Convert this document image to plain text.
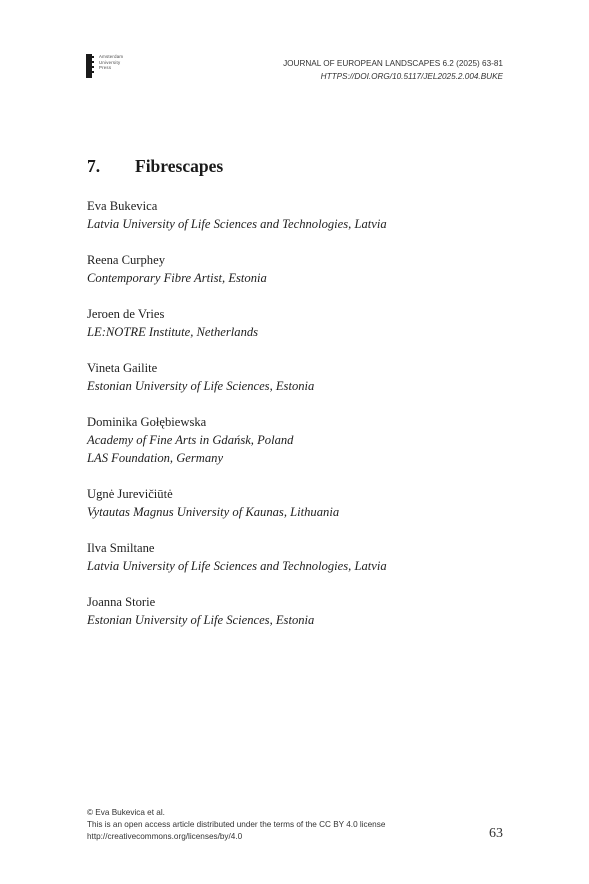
Amsterdam
University
Press	JOURNAL OF EUROPEAN LANDSCAPES 6.2 (2025) 63-81
HTTPS://DOI.ORG/10.5117/JEL2025.2.004.BUKE
7.	Fibrescapes
Eva Bukevica
Latvia University of Life Sciences and Technologies, Latvia
Reena Curphey
Contemporary Fibre Artist, Estonia
Jeroen de Vries
LE:NOTRE Institute, Netherlands
Vineta Gailite
Estonian University of Life Sciences, Estonia
Dominika Gołębiewska
Academy of Fine Arts in Gdańsk, Poland
LAS Foundation, Germany
Ugnė Jurevičiūtė
Vytautas Magnus University of Kaunas, Lithuania
Ilva Smiltane
Latvia University of Life Sciences and Technologies, Latvia
Joanna Storie
Estonian University of Life Sciences, Estonia
© Eva Bukevica et al.
This is an open access article distributed under the terms of the CC BY 4.0 license
http://creativecommons.org/licenses/by/4.0	63
